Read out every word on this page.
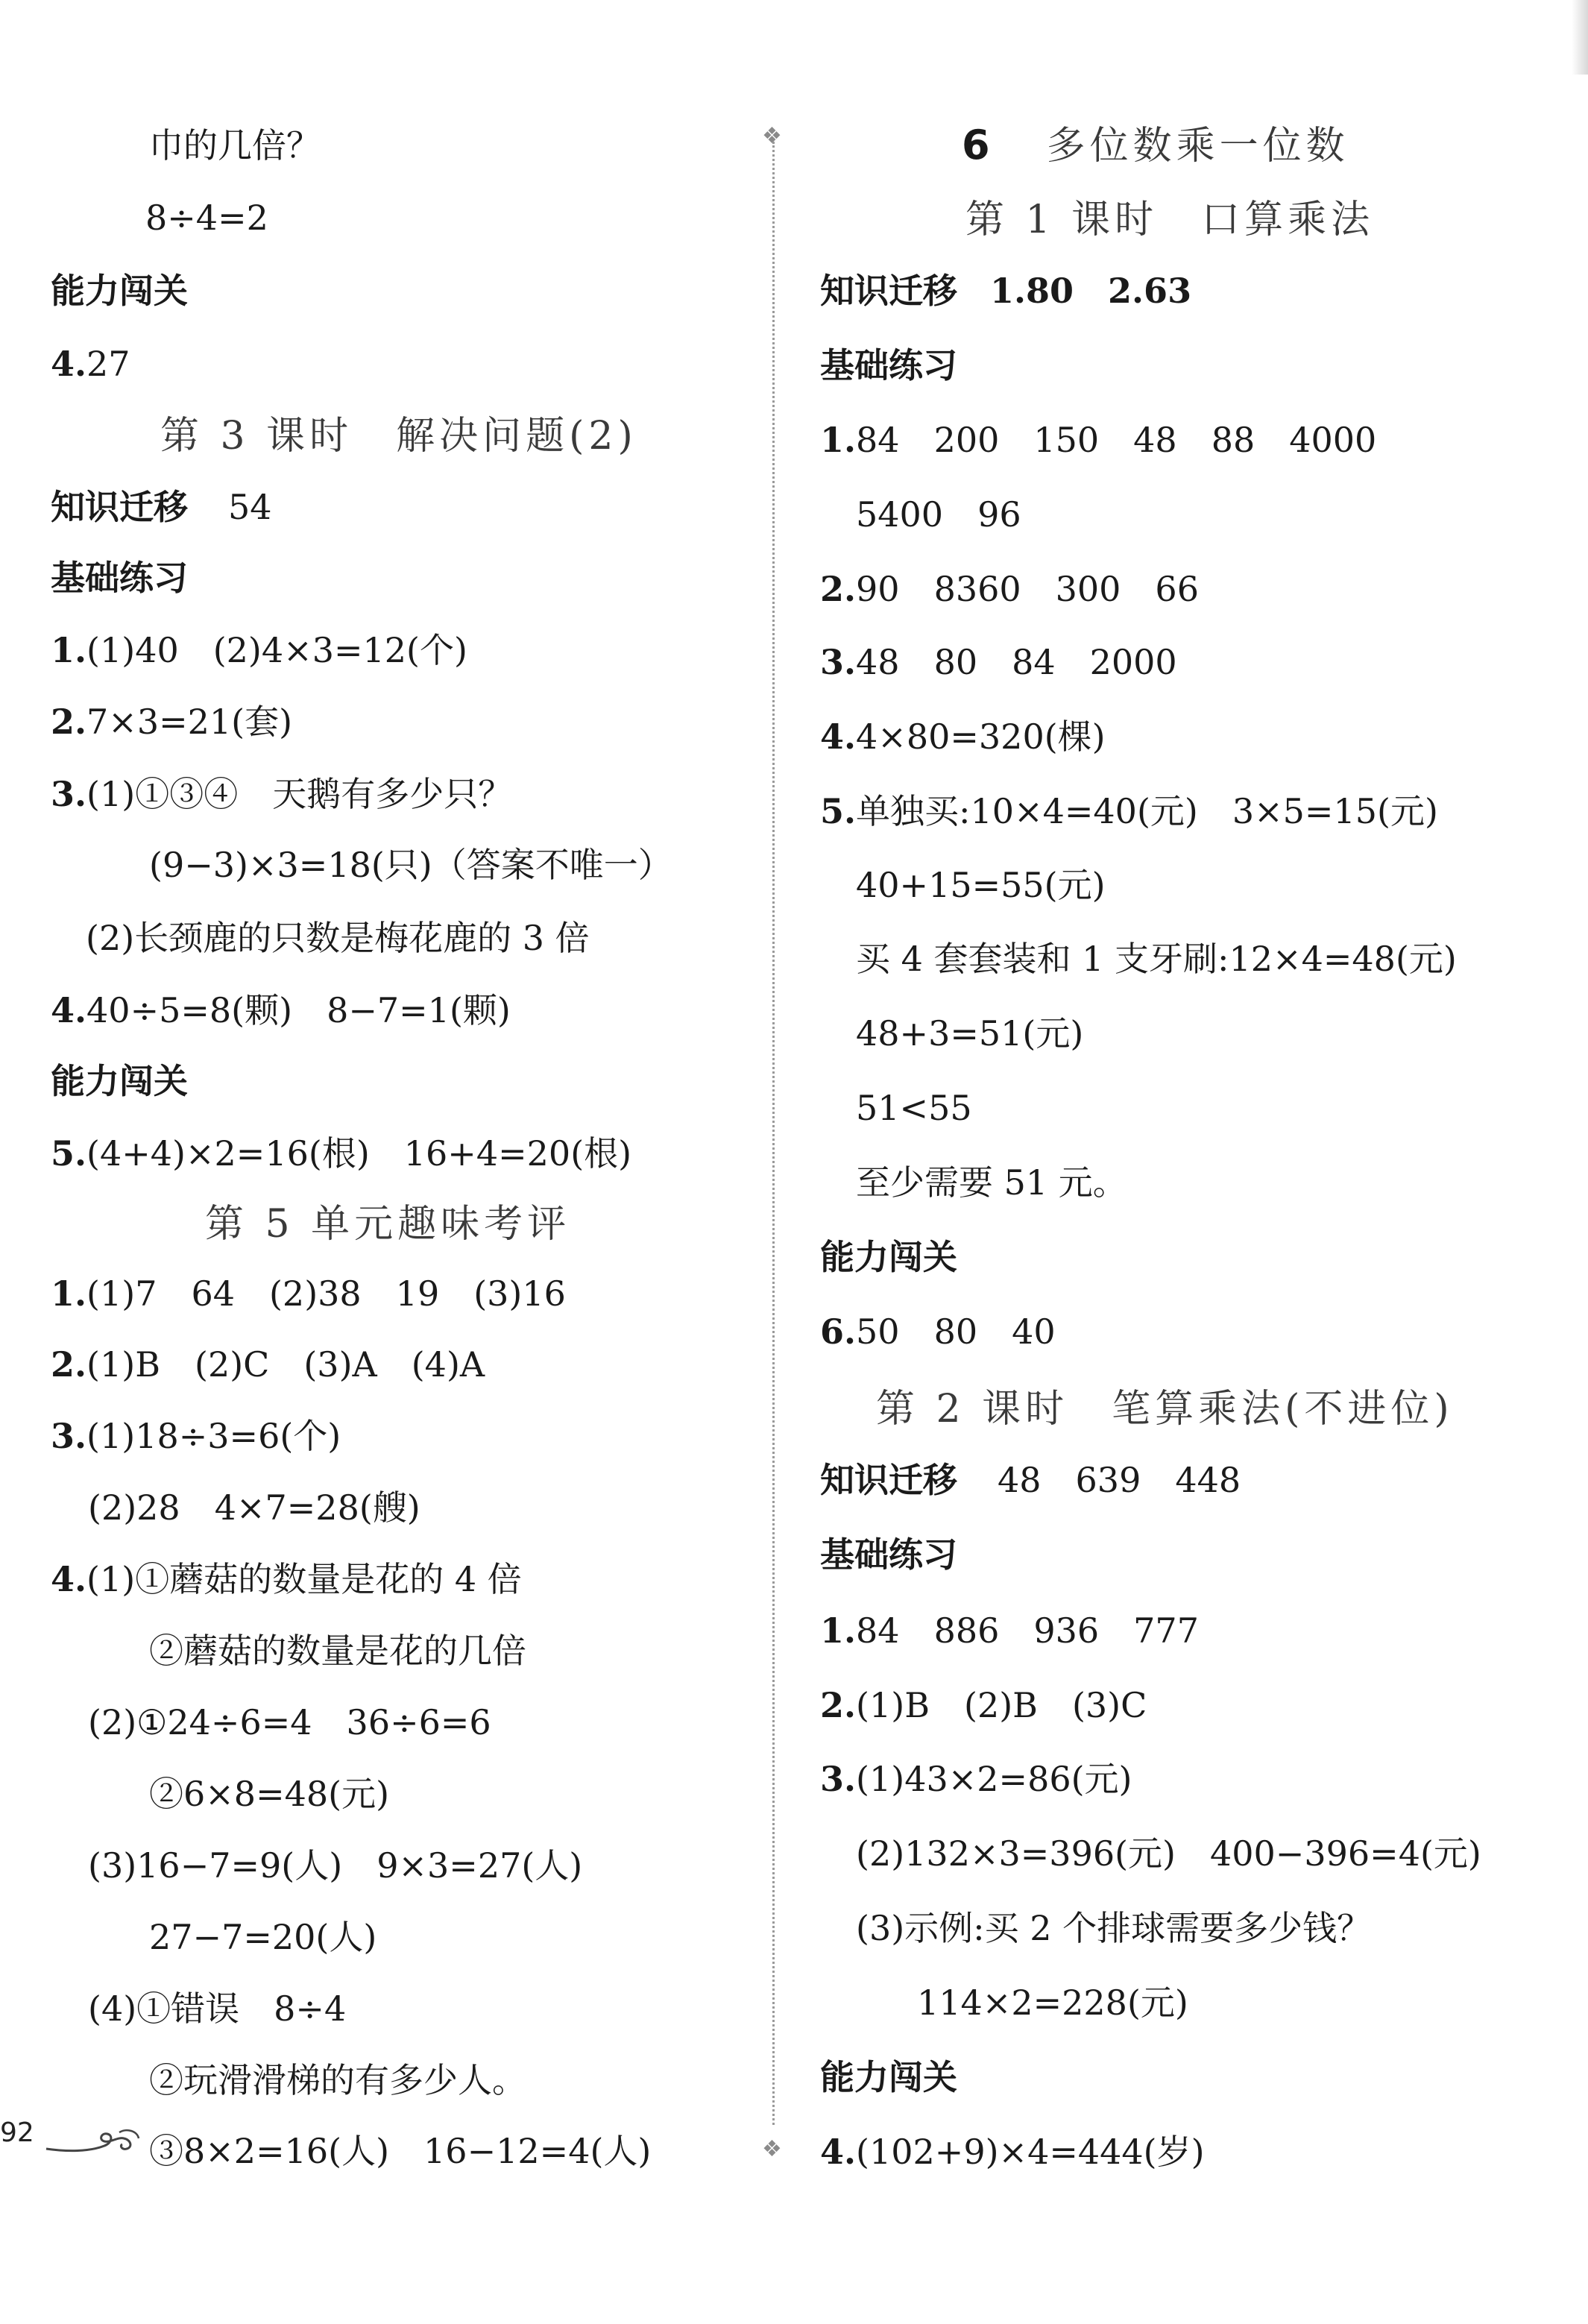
巾的几倍？
8÷4=2
能力闯关
4.27
第 3 课时　解决问题(2)
知识迁移 54
基础练习
1.(1)40　(2)4×3=12(个)
2.7×3=21(套)
3.(1)①③④　天鹅有多少只？
(9−3)×3=18(只)（答案不唯一）
(2)长颈鹿的只数是梅花鹿的 3 倍
4.40÷5=8(颗)　8−7=1(颗)
能力闯关
5.(4+4)×2=16(根)　16+4=20(根)
第 5 单元趣味考评
1.(1)7　64　(2)38　19　(3)16
2.(1)B　(2)C　(3)A　(4)A
3.(1)18÷3=6(个)
(2)28　4×7=28(艘)
4.(1)①蘑菇的数量是花的 4 倍
②蘑菇的数量是花的几倍
(2)①24÷6=4　36÷6=6
②6×8=48(元)
(3)16−7=9(人)　9×3=27(人)
27−7=20(人)
(4)①错误　8÷4
②玩滑滑梯的有多少人。
③8×2=16(人)　16−12=4(人)
❖
❖
6 多位数乘一位数
第 1 课时　口算乘法
知识迁移 1.80　2.63
基础练习
1.84　200　150　48　88　4000
5400　96
2.90　8360　300　66
3.48　80　84　2000
4.4×80=320(棵)
5.单独买:10×4=40(元)　3×5=15(元)
40+15=55(元)
买 4 套套装和 1 支牙刷:12×4=48(元)
48+3=51(元)
51<55
至少需要 51 元。
能力闯关
6.50　80　40
第 2 课时　笔算乘法(不进位)
知识迁移 48　639　448
基础练习
1.84　886　936　777
2.(1)B　(2)B　(3)C
3.(1)43×2=86(元)
(2)132×3=396(元)　400−396=4(元)
(3)示例:买 2 个排球需要多少钱？
114×2=228(元)
能力闯关
4.(102+9)×4=444(岁)
92
